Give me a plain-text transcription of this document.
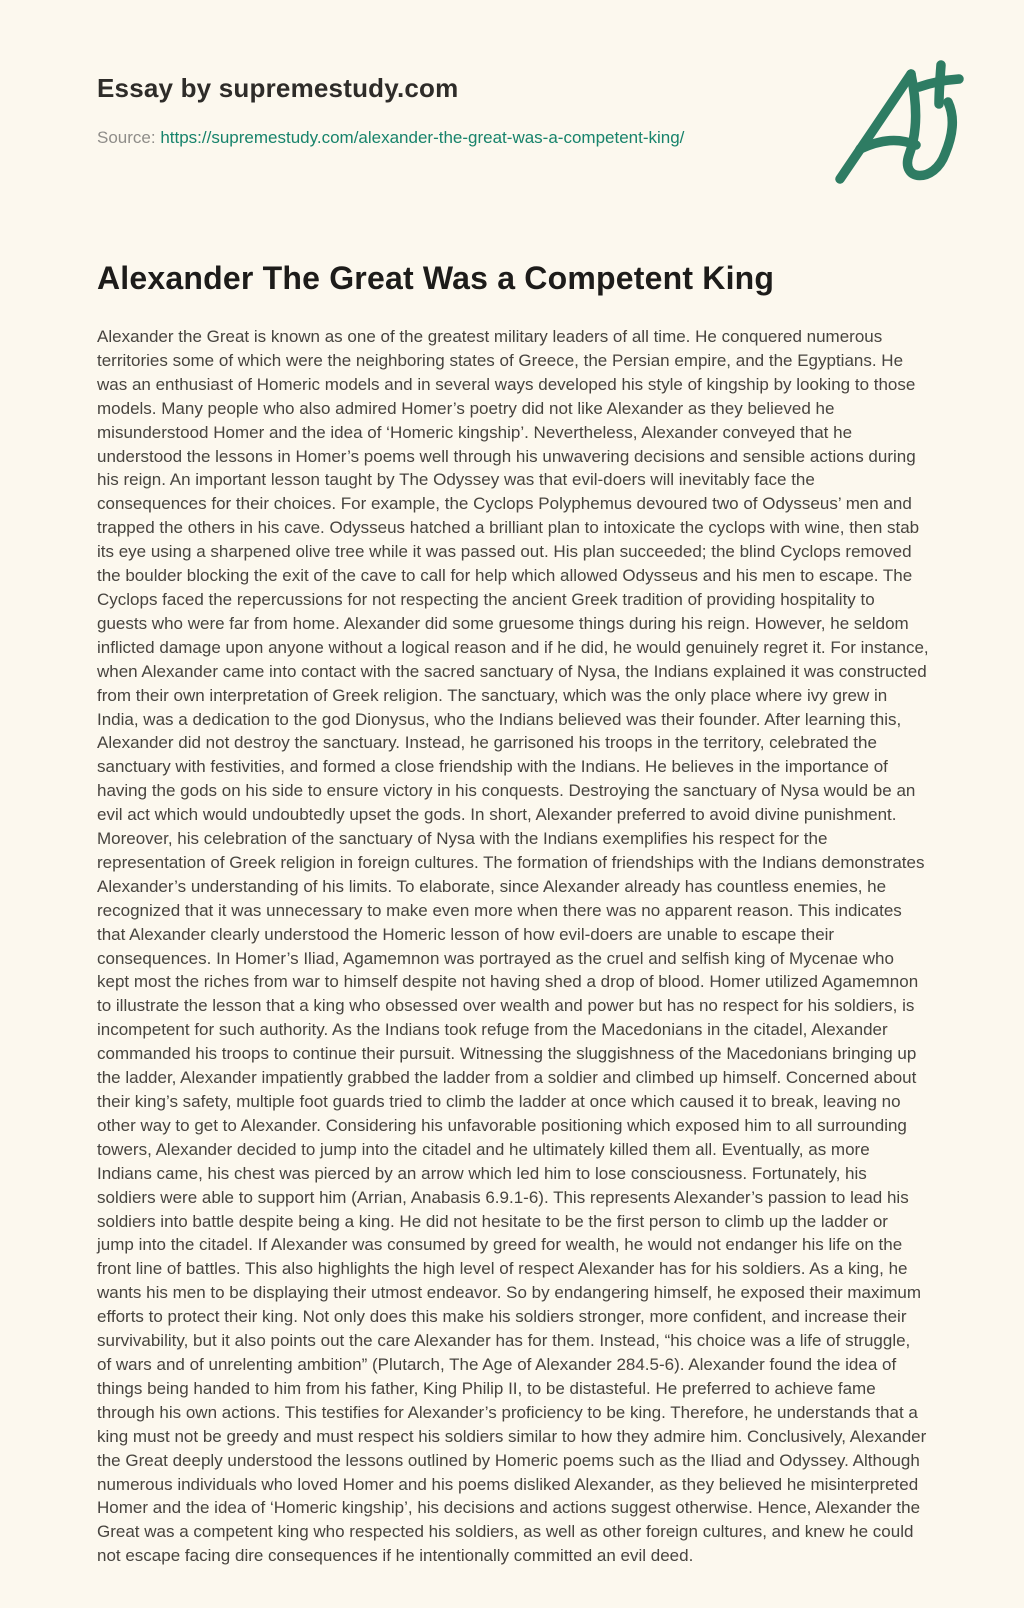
Essay by supremestudy.com

Source: https://supremestudy.com/alexander-the-great-was-a-competent-king/

Alexander The Great Was a Competent King

Alexander the Great is known as one of the greatest military leaders of all time. He conquered numerous territories some of which were the neighboring states of Greece, the Persian empire, and the Egyptians. He was an enthusiast of Homeric models and in several ways developed his style of kingship by looking to those models. Many people who also admired Homer’s poetry did not like Alexander as they believed he misunderstood Homer and the idea of ‘Homeric kingship’. Nevertheless, Alexander conveyed that he understood the lessons in Homer’s poems well through his unwavering decisions and sensible actions during his reign. An important lesson taught by The Odyssey was that evil-doers will inevitably face the consequences for their choices. For example, the Cyclops Polyphemus devoured two of Odysseus’ men and trapped the others in his cave. Odysseus hatched a brilliant plan to intoxicate the cyclops with wine, then stab its eye using a sharpened olive tree while it was passed out. His plan succeeded; the blind Cyclops removed the boulder blocking the exit of the cave to call for help which allowed Odysseus and his men to escape. The Cyclops faced the repercussions for not respecting the ancient Greek tradition of providing hospitality to guests who were far from home. Alexander did some gruesome things during his reign. However, he seldom inflicted damage upon anyone without a logical reason and if he did, he would genuinely regret it. For instance, when Alexander came into contact with the sacred sanctuary of Nysa, the Indians explained it was constructed from their own interpretation of Greek religion. The sanctuary, which was the only place where ivy grew in India, was a dedication to the god Dionysus, who the Indians believed was their founder. After learning this, Alexander did not destroy the sanctuary. Instead, he garrisoned his troops in the territory, celebrated the sanctuary with festivities, and formed a close friendship with the Indians. He believes in the importance of having the gods on his side to ensure victory in his conquests. Destroying the sanctuary of Nysa would be an evil act which would undoubtedly upset the gods. In short, Alexander preferred to avoid divine punishment. Moreover, his celebration of the sanctuary of Nysa with the Indians exemplifies his respect for the representation of Greek religion in foreign cultures. The formation of friendships with the Indians demonstrates Alexander’s understanding of his limits. To elaborate, since Alexander already has countless enemies, he recognized that it was unnecessary to make even more when there was no apparent reason. This indicates that Alexander clearly understood the Homeric lesson of how evil-doers are unable to escape their consequences. In Homer’s Iliad, Agamemnon was portrayed as the cruel and selfish king of Mycenae who kept most the riches from war to himself despite not having shed a drop of blood. Homer utilized Agamemnon to illustrate the lesson that a king who obsessed over wealth and power but has no respect for his soldiers, is incompetent for such authority. As the Indians took refuge from the Macedonians in the citadel, Alexander commanded his troops to continue their pursuit. Witnessing the sluggishness of the Macedonians bringing up the ladder, Alexander impatiently grabbed the ladder from a soldier and climbed up himself. Concerned about their king’s safety, multiple foot guards tried to climb the ladder at once which caused it to break, leaving no other way to get to Alexander. Considering his unfavorable positioning which exposed him to all surrounding towers, Alexander decided to jump into the citadel and he ultimately killed them all. Eventually, as more Indians came, his chest was pierced by an arrow which led him to lose consciousness. Fortunately, his soldiers were able to support him (Arrian, Anabasis 6.9.1-6). This represents Alexander’s passion to lead his soldiers into battle despite being a king. He did not hesitate to be the first person to climb up the ladder or jump into the citadel. If Alexander was consumed by greed for wealth, he would not endanger his life on the front line of battles. This also highlights the high level of respect Alexander has for his soldiers. As a king, he wants his men to be displaying their utmost endeavor. So by endangering himself, he exposed their maximum efforts to protect their king. Not only does this make his soldiers stronger, more confident, and increase their survivability, but it also points out the care Alexander has for them. Instead, “his choice was a life of struggle, of wars and of unrelenting ambition” (Plutarch, The Age of Alexander 284.5-6). Alexander found the idea of things being handed to him from his father, King Philip II, to be distasteful. He preferred to achieve fame through his own actions. This testifies for Alexander’s proficiency to be king. Therefore, he understands that a king must not be greedy and must respect his soldiers similar to how they admire him. Conclusively, Alexander the Great deeply understood the lessons outlined by Homeric poems such as the Iliad and Odyssey. Although numerous individuals who loved Homer and his poems disliked Alexander, as they believed he misinterpreted Homer and the idea of ‘Homeric kingship’, his decisions and actions suggest otherwise. Hence, Alexander the Great was a competent king who respected his soldiers, as well as other foreign cultures, and knew he could not escape facing dire consequences if he intentionally committed an evil deed.
